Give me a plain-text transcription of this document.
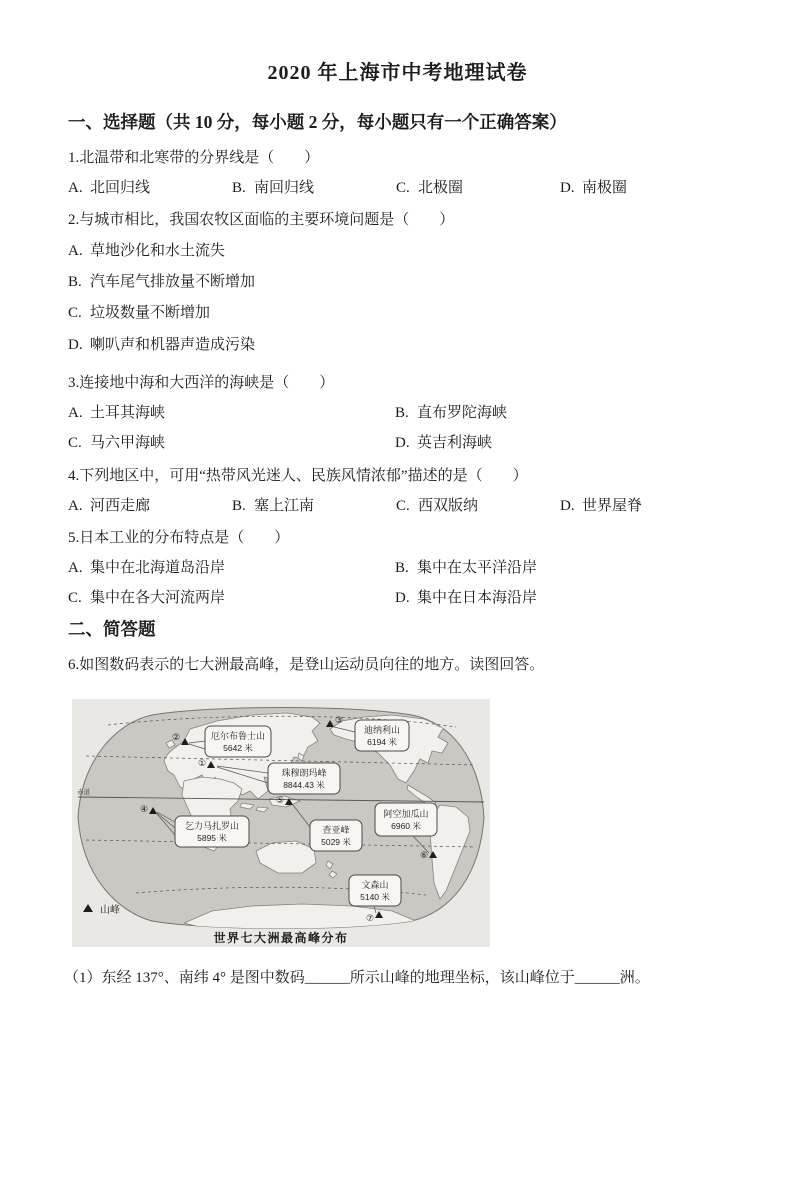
2020 年上海市中考地理试卷
一、选择题（共 10 分，每小题 2 分，每小题只有一个正确答案）

1.北温带和北寒带的分界线是（　　）

A. 北回归线	B. 南回归线	C. 北极圈	D. 南极圈

2.与城市相比，我国农牧区面临的主要环境问题是（　　）

A. 草地沙化和水土流失
B. 汽车尾气排放量不断增加
C. 垃圾数量不断增加
D. 喇叭声和机器声造成污染

3.连接地中海和大西洋的海峡是（　　）

A. 土耳其海峡	B. 直布罗陀海峡
C. 马六甲海峡	D. 英吉利海峡

4.下列地区中，可用“热带风光迷人、民族风情浓郁”描述的是（　　）

A. 河西走廊	B. 塞上江南	C. 西双版纳	D. 世界屋脊

5.日本工业的分布特点是（　　）

A. 集中在北海道岛沿岸	B. 集中在太平洋沿岸
C. 集中在各大河流两岸	D. 集中在日本海沿岸
二、简答题

6.如图数码表示的七大洲最高峰，是登山运动员向往的地方。读图回答。

赤道
①
②
③
④
⑤
⑥
⑦
珠穆朗玛峰
8844.43 米
厄尔布鲁士山
5642 米
迪纳利山
6194 米
乞力马扎罗山
5895 米
查亚峰
5029 米
阿空加瓜山
6960 米
文森山
5140 米
山峰
世界七大洲最高峰分布

（1）东经 137°、南纬 4° 是图中数码______所示山峰的地理坐标，该山峰位于______洲。
